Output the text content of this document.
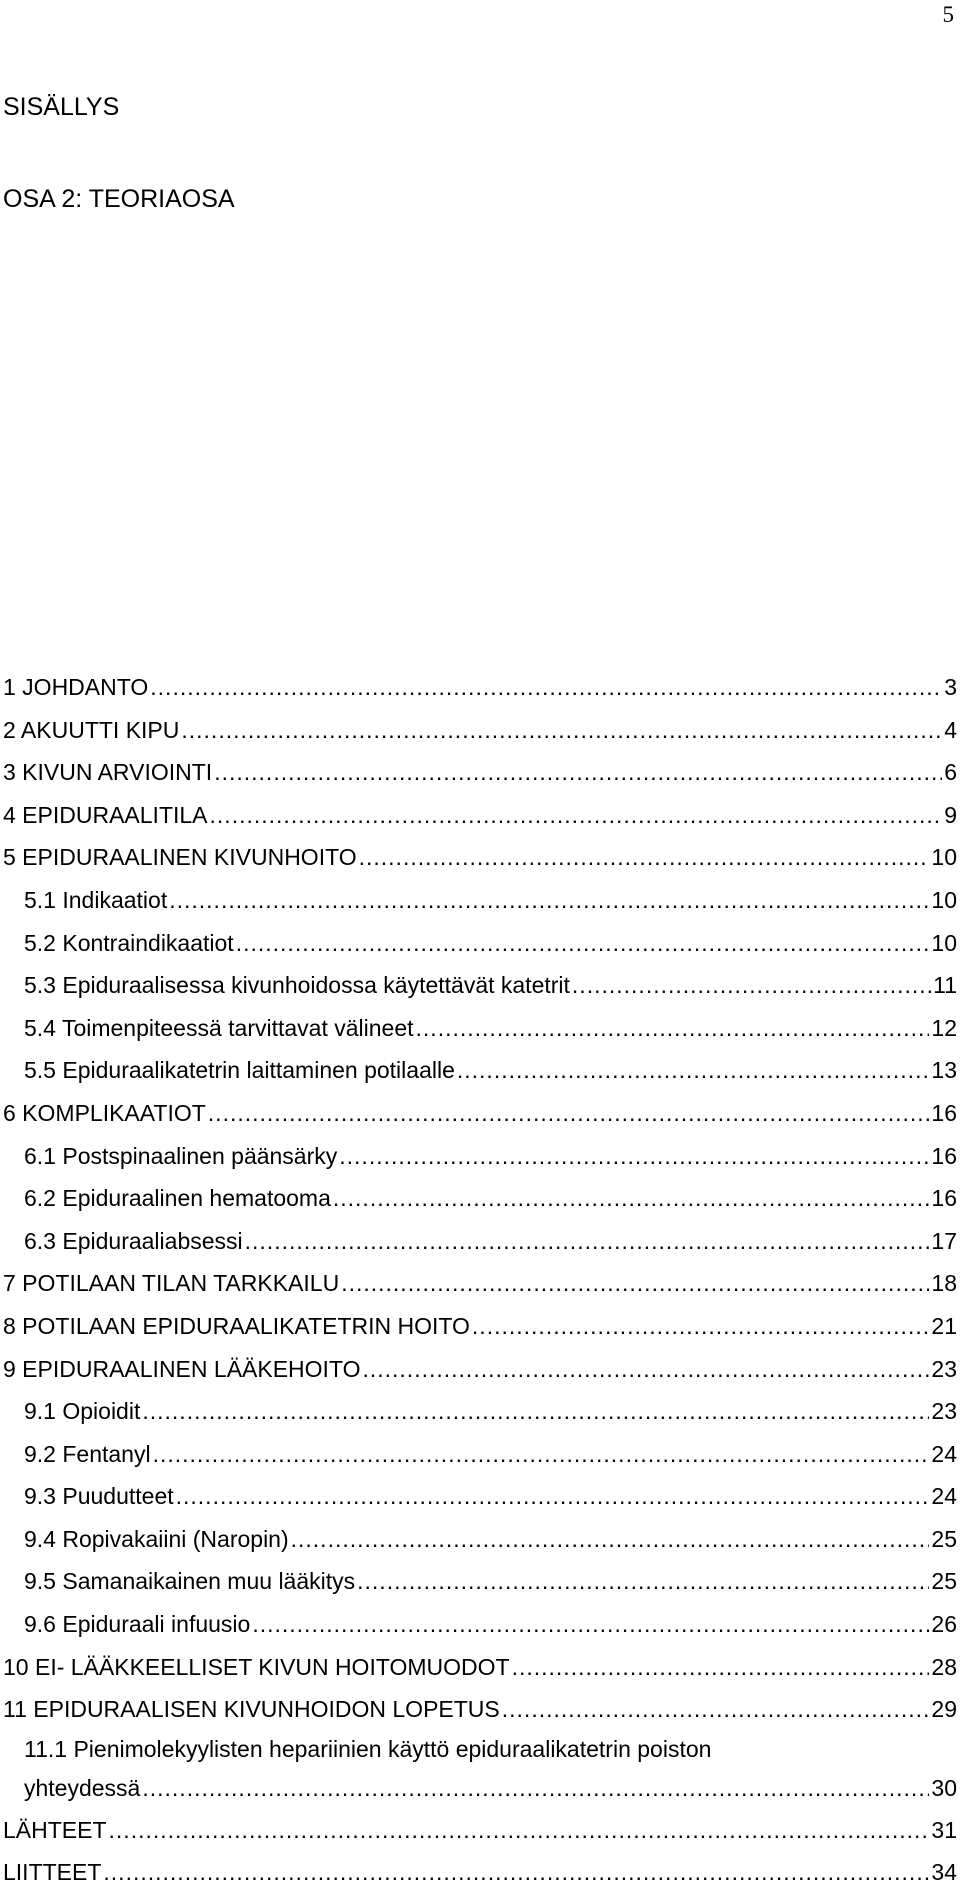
5
SISÄLLYS
OSA 2: TEORIAOSA
1 JOHDANTO .....	3
2 AKUUTTI KIPU .....	4
3 KIVUN ARVIOINTI .....	6
4 EPIDURAALITILA .....	9
5 EPIDURAALINEN KIVUNHOITO .....	10
5.1 Indikaatiot .....	10
5.2 Kontraindikaatiot .....	10
5.3 Epiduraalisessa kivunhoidossa käytettävät katetrit .....	11
5.4 Toimenpiteessä tarvittavat välineet .....	12
5.5 Epiduraalikatetrin laittaminen potilaalle .....	13
6 KOMPLIKAATIOT .....	16
6.1 Postspinaalinen päänsärky .....	16
6.2 Epiduraalinen hematooma .....	16
6.3 Epiduraaliabsessi .....	17
7 POTILAAN TILAN TARKKAILU .....	18
8 POTILAAN EPIDURAALIKATETRIN HOITO .....	21
9 EPIDURAALINEN LÄÄKEHOITO .....	23
9.1 Opioidit .....	23
9.2 Fentanyl .....	24
9.3 Puudutteet .....	24
9.4 Ropivakaiini (Naropin) .....	25
9.5 Samanaikainen muu lääkitys .....	25
9.6 Epiduraali infuusio .....	26
10 EI- LÄÄKKEELLISET KIVUN HOITOMUODOT .....	28
11 EPIDURAALISEN KIVUNHOIDON LOPETUS .....	29
11.1 Pienimolekyylisten hepariinien käyttö epiduraalikatetrin poiston
yhteydessä .....	30
LÄHTEET .....	31
LIITTEET .....	34
